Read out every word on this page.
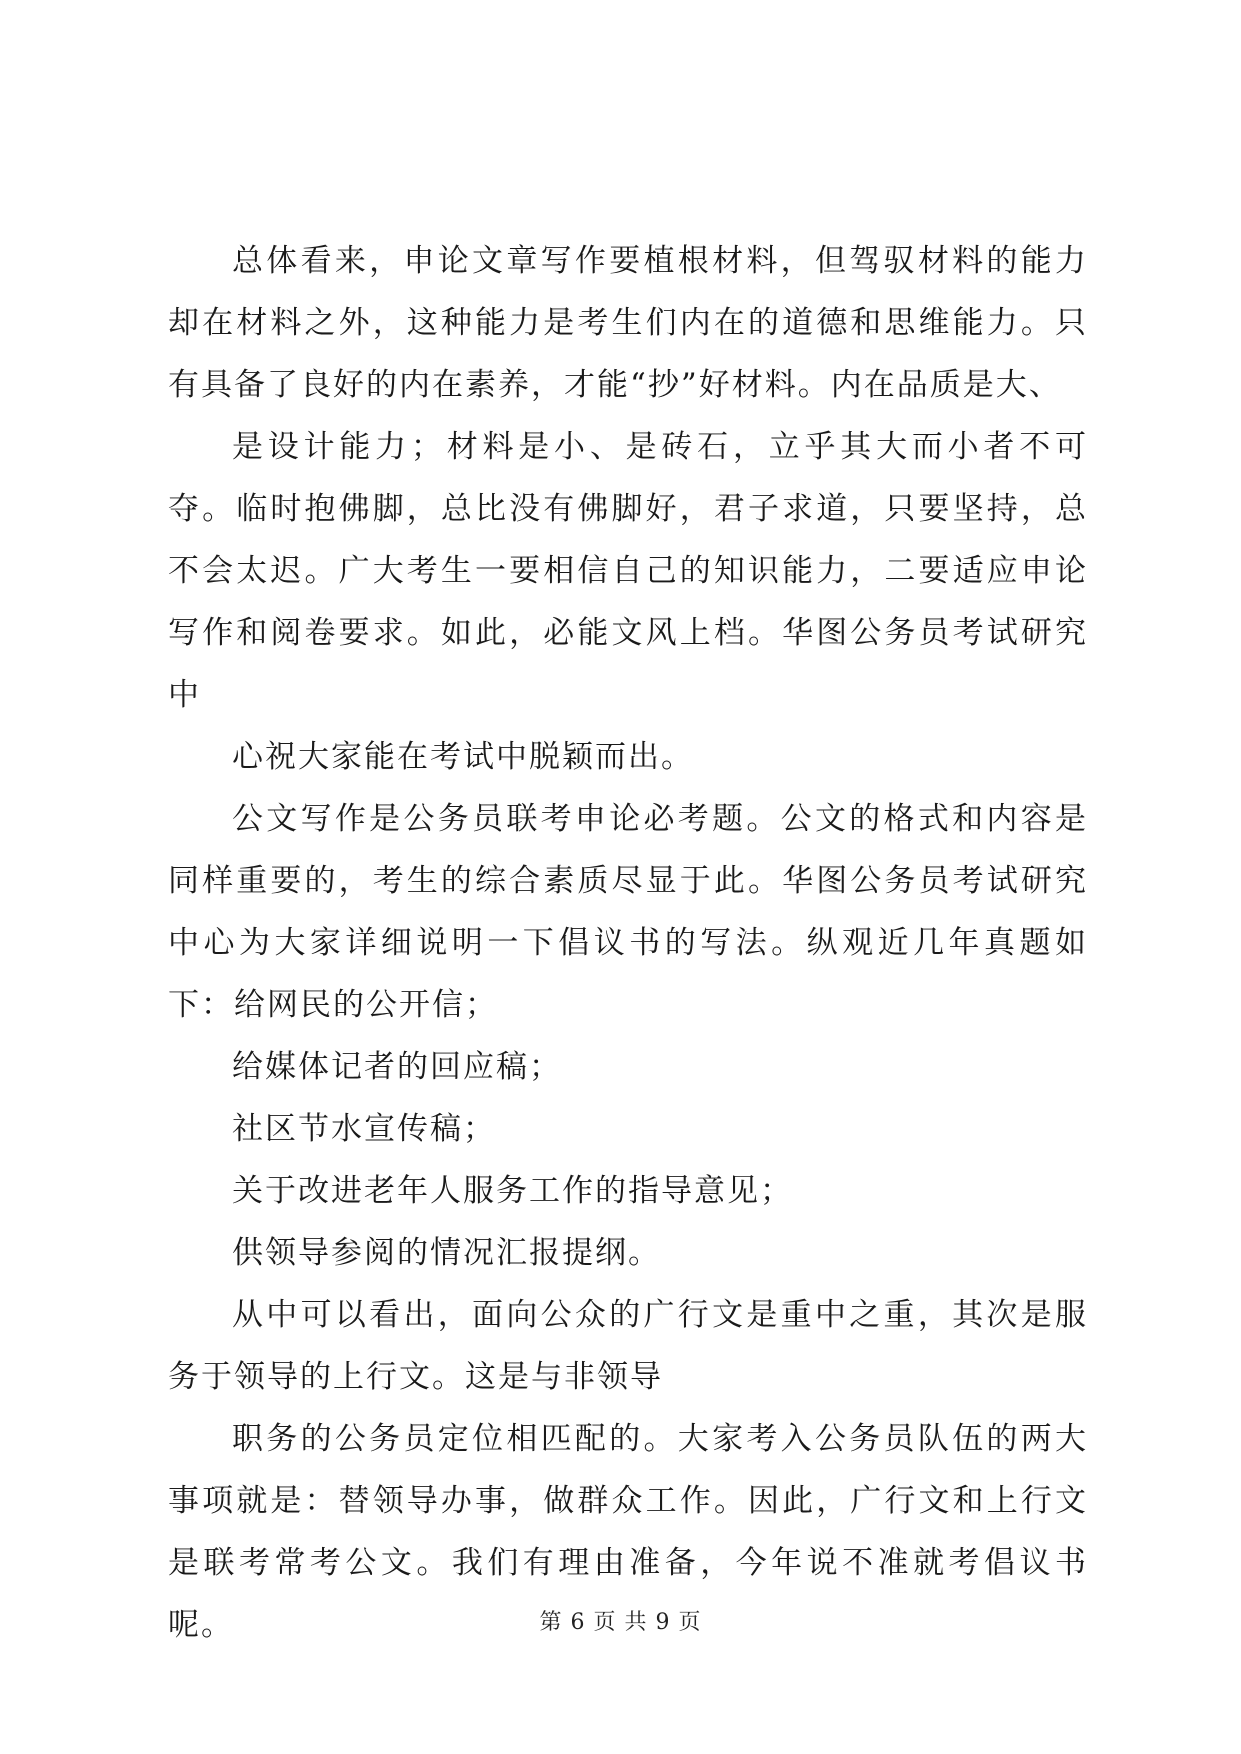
总体看来，申论文章写作要植根材料，但驾驭材料的能力却在材料之外，这种能力是考生们内在的道德和思维能力。只有具备了良好的内在素养，才能“抄”好材料。内在品质是大、

是设计能力；材料是小、是砖石，立乎其大而小者不可夺。临时抱佛脚，总比没有佛脚好，君子求道，只要坚持，总不会太迟。广大考生一要相信自己的知识能力，二要适应申论写作和阅卷要求。如此，必能文风上档。华图公务员考试研究中

心祝大家能在考试中脱颖而出。

公文写作是公务员联考申论必考题。公文的格式和内容是同样重要的，考生的综合素质尽显于此。华图公务员考试研究中心为大家详细说明一下倡议书的写法。纵观近几年真题如下：给网民的公开信；

给媒体记者的回应稿；

社区节水宣传稿；

关于改进老年人服务工作的指导意见；

供领导参阅的情况汇报提纲。

从中可以看出，面向公众的广行文是重中之重，其次是服务于领导的上行文。这是与非领导

职务的公务员定位相匹配的。大家考入公务员队伍的两大事项就是：替领导办事，做群众工作。因此，广行文和上行文是联考常考公文。我们有理由准备，今年说不准就考倡议书呢。	第 6 页 共 9 页
